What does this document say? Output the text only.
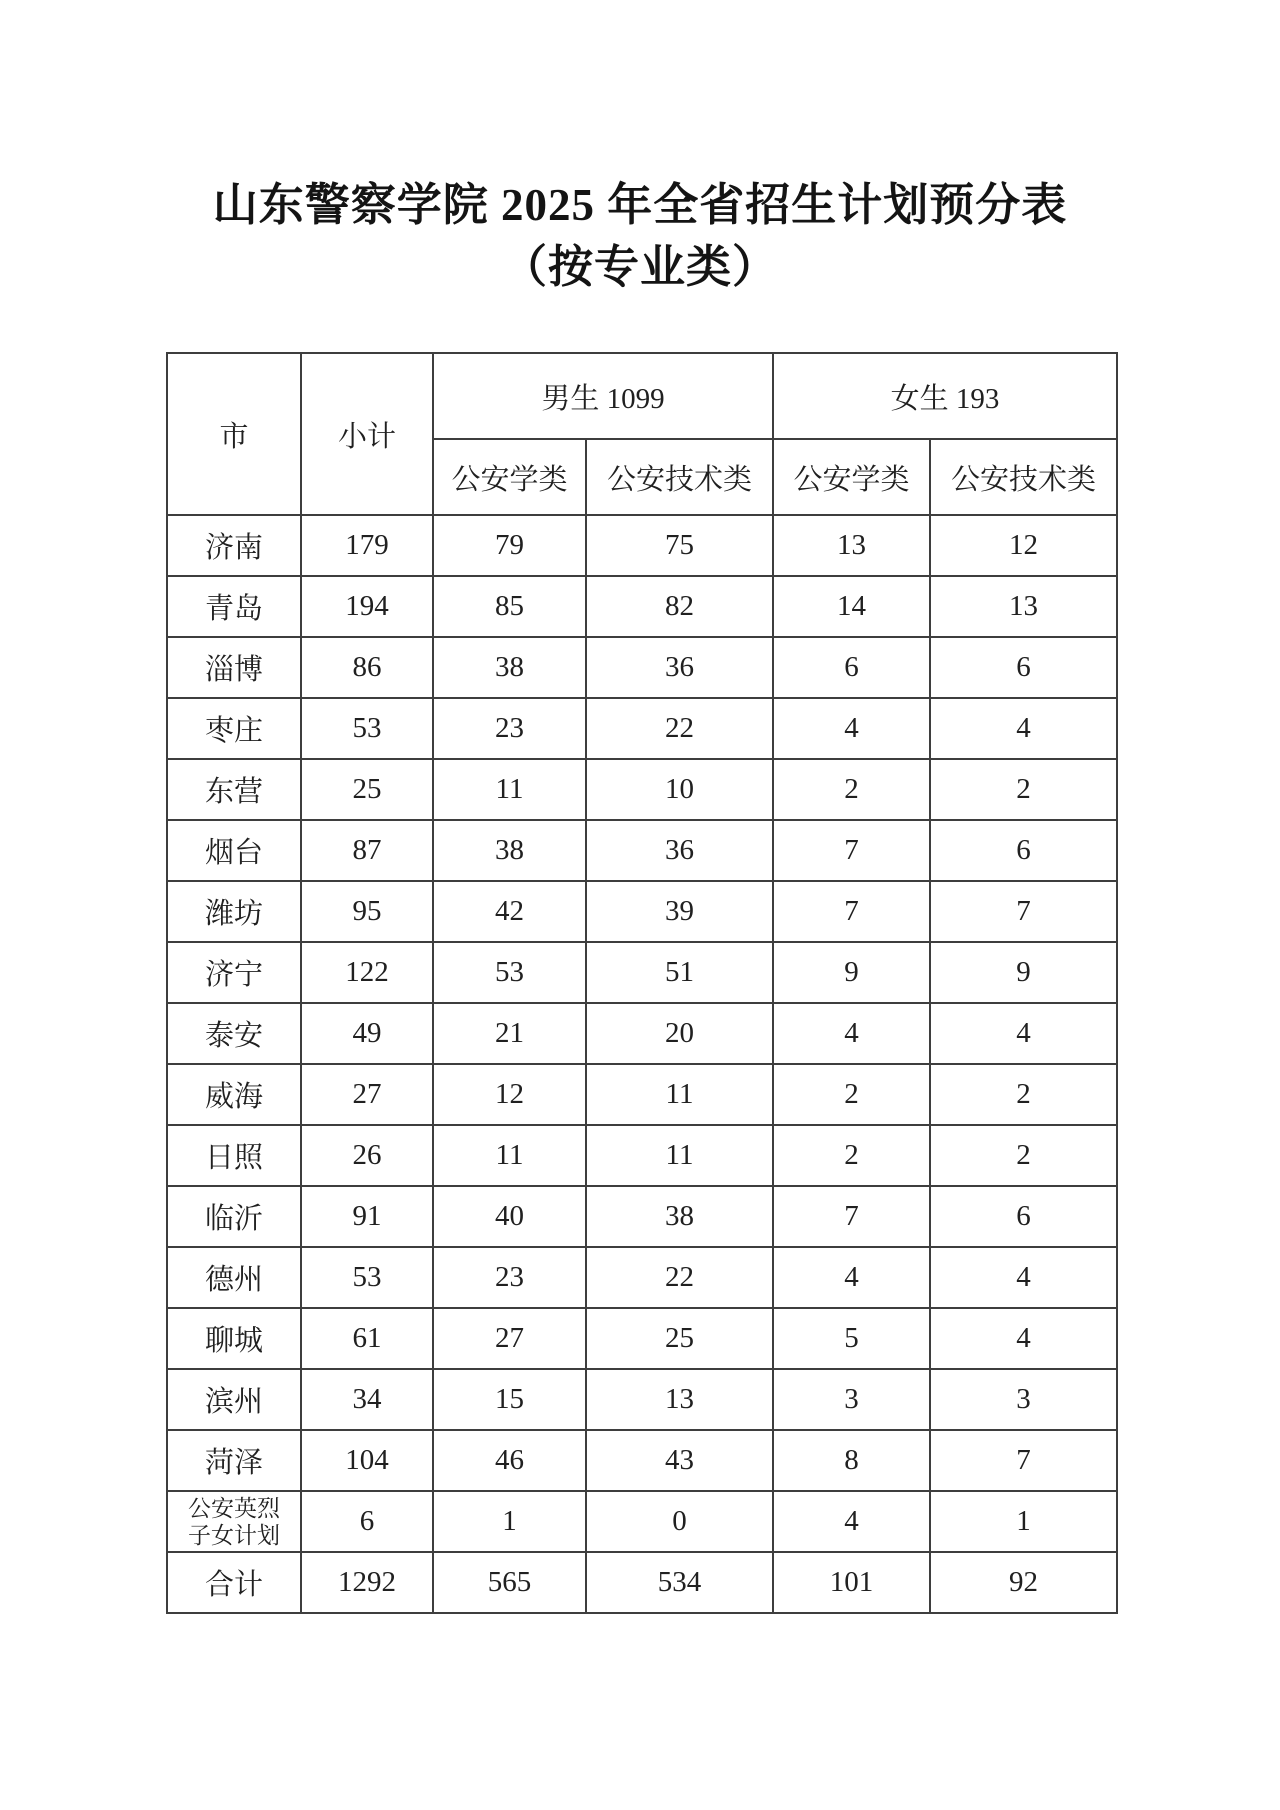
山东警察学院 2025 年全省招生计划预分表
（按专业类）
市	小计	男生 1099		女生 193	
		公安学类	公安技术类	公安学类	公安技术类
济南	179	79	75	13	12
青岛	194	85	82	14	13
淄博	86	38	36	6	6
枣庄	53	23	22	4	4
东营	25	11	10	2	2
烟台	87	38	36	7	6
潍坊	95	42	39	7	7
济宁	122	53	51	9	9
泰安	49	21	20	4	4
威海	27	12	11	2	2
日照	26	11	11	2	2
临沂	91	40	38	7	6
德州	53	23	22	4	4
聊城	61	27	25	5	4
滨州	34	15	13	3	3
菏泽	104	46	43	8	7

公安英烈
子女计划	6	1	0	4	1
合计	1292	565	534	101	92
